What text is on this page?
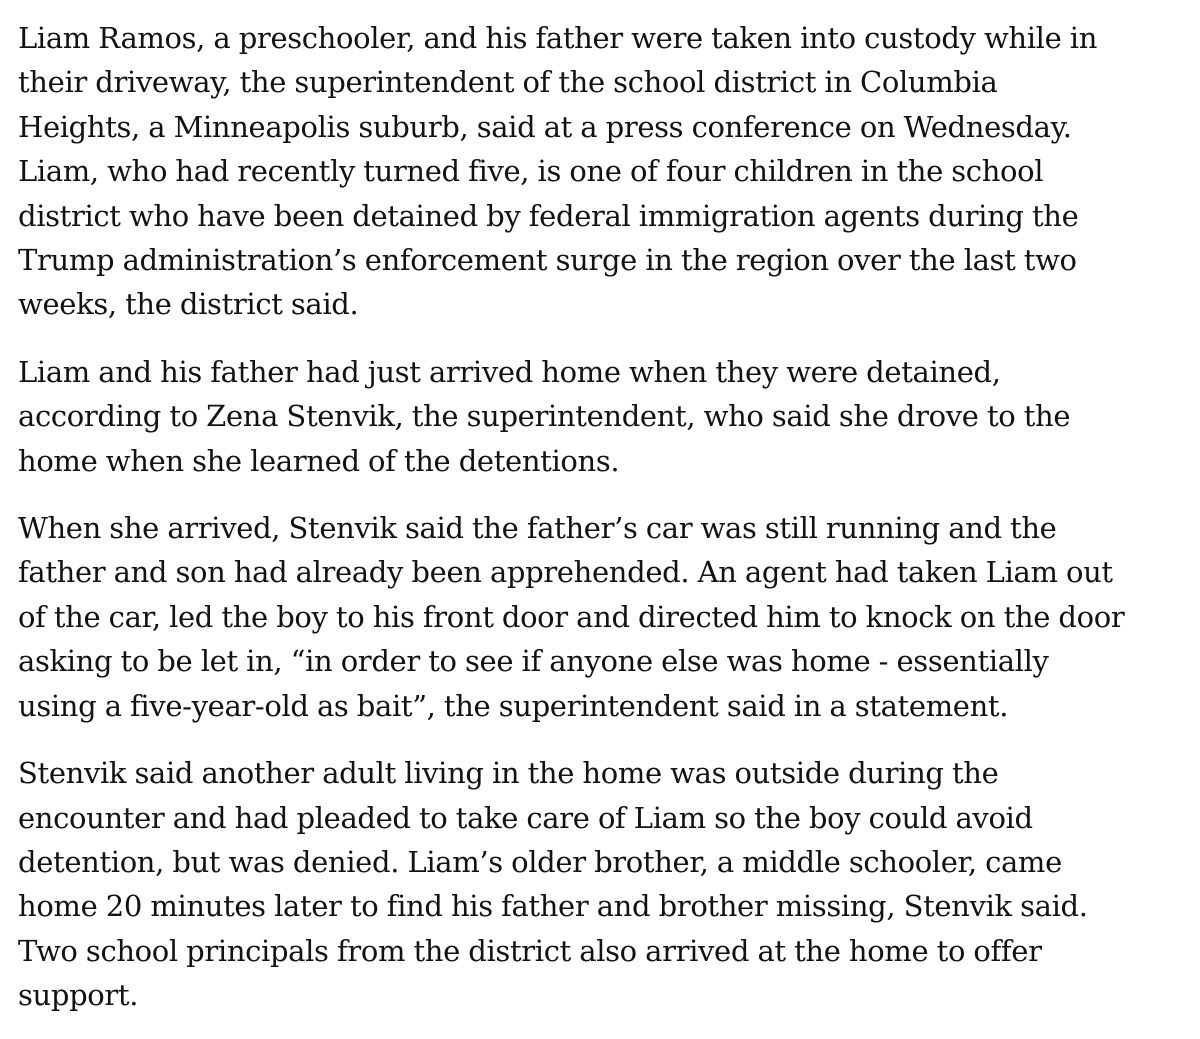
Liam Ramos, a preschooler, and his father were taken into custody while in
their driveway, the superintendent of the school district in Columbia
Heights, a Minneapolis suburb, said at a press conference on Wednesday.
Liam, who had recently turned five, is one of four children in the school
district who have been detained by federal immigration agents during the
Trump administration’s enforcement surge in the region over the last two
weeks, the district said.

Liam and his father had just arrived home when they were detained,
according to Zena Stenvik, the superintendent, who said she drove to the
home when she learned of the detentions.

When she arrived, Stenvik said the father’s car was still running and the
father and son had already been apprehended. An agent had taken Liam out
of the car, led the boy to his front door and directed him to knock on the door
asking to be let in, “in order to see if anyone else was home - essentially
using a five-year-old as bait”, the superintendent said in a statement.

Stenvik said another adult living in the home was outside during the
encounter and had pleaded to take care of Liam so the boy could avoid
detention, but was denied. Liam’s older brother, a middle schooler, came
home 20 minutes later to find his father and brother missing, Stenvik said.
Two school principals from the district also arrived at the home to offer
support.
